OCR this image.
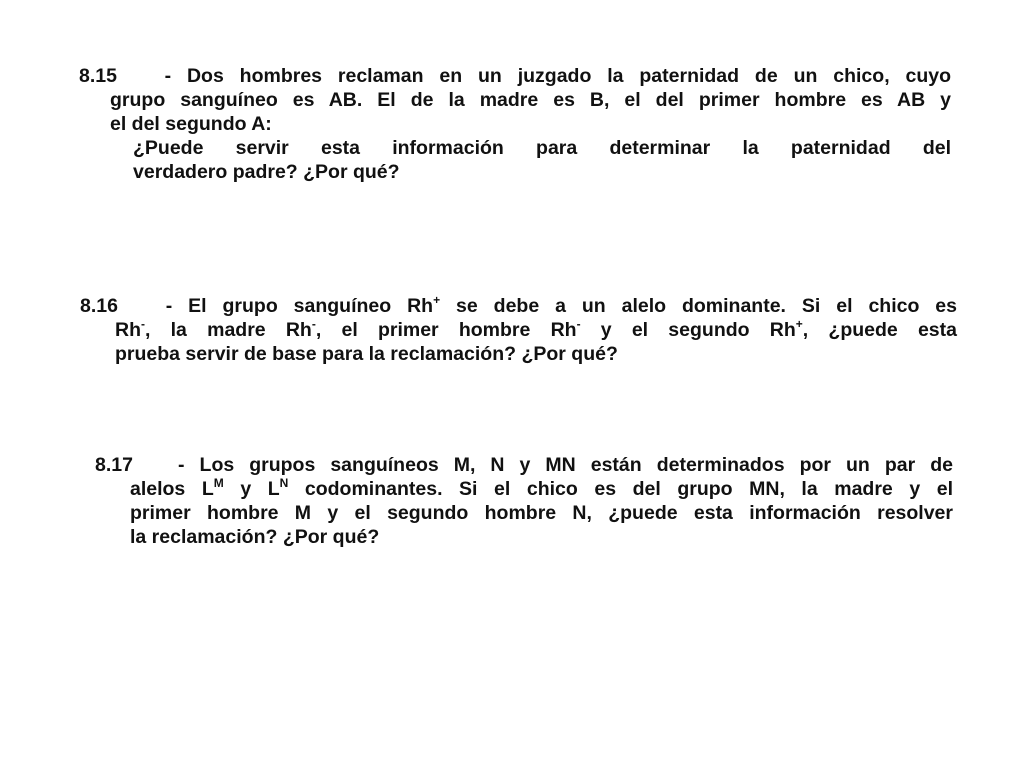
8.15 - Dos hombres reclaman en un juzgado la paternidad de un chico, cuyo
grupo sanguíneo es AB. El de la madre es B, el del primer hombre es AB y
el del segundo A:
¿Puede servir esta información para determinar la paternidad del
verdadero padre? ¿Por qué?
8.16 - El grupo sanguíneo Rh+ se debe a un alelo dominante. Si el chico es
Rh-, la madre Rh-, el primer hombre Rh- y el segundo Rh+, ¿puede esta
prueba servir de base para la reclamación? ¿Por qué?
8.17 - Los grupos sanguíneos M, N y MN están determinados por un par de
alelos $L^M$ y $L^N$ codominantes. Si el chico es del grupo MN, la madre y el
primer hombre M y el segundo hombre N, ¿puede esta información resolver
la reclamación? ¿Por qué?
